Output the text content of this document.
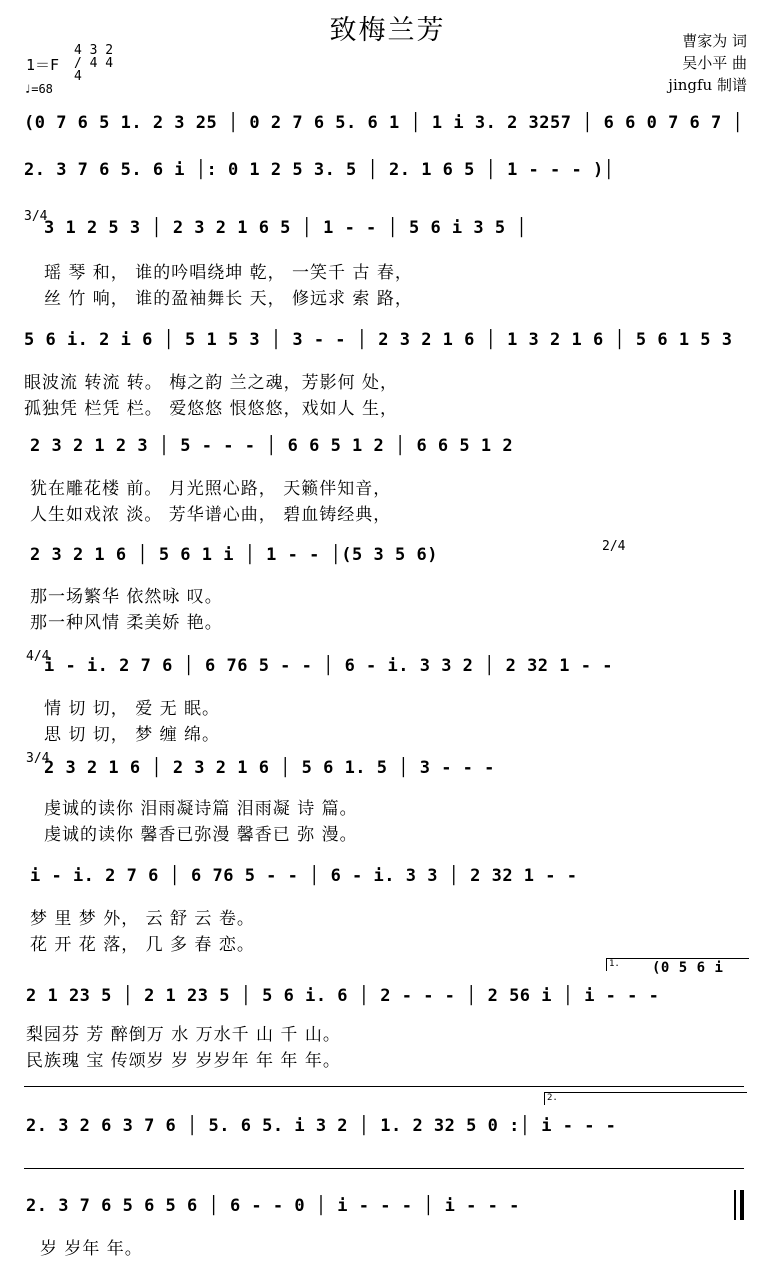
致梅兰芳	曹家为 词
吴小平 曲
jingfu 制谱
1＝F
4 3 2 / 4 4 4
♩=68
(0 7 6 5 1. 2 3 25 │ 0 2 7 6 5. 6 1 │ 1 i 3. 2 3257 │ 6 6 0 7 6 7 │
2. 3 7 6 5. 6 i │: 0 1 2 5 3. 5 │ 2. 1 6 5 │ 1 - - - )│
3/4
3 1 2 5 3 │ 2 3 2 1 6 5 │ 1 - - │ 5 6 i 3 5 │
瑶 琴 和， 谁的吟唱绕坤 乾， 一笑千 古 春，
丝 竹 响， 谁的盈袖舞长 天， 修远求 索 路，
5 6 i. 2 i 6 │ 5 1 5 3 │ 3 - - │ 2 3 2 1 6 │ 1 3 2 1 6 │ 5 6 1 5 3
眼波流 转流 转。 梅之韵 兰之魂，芳影何 处，
孤独凭 栏凭 栏。 爱悠悠 恨悠悠，戏如人 生，
2 3 2 1 2 3 │ 5 - - - │ 6 6 5 1 2 │ 6 6 5 1 2
犹在雕花楼 前。 月光照心路， 天籁伴知音，
人生如戏浓 淡。 芳华谱心曲， 碧血铸经典，
2 3 2 1 6 │ 5 6 1 i │ 1 - - │(5 3 5 6)	2/4
那一场繁华 依然咏 叹。
那一种风情 柔美娇 艳。
4/4
i - i. 2 7 6 │ 6 76 5 - - │ 6 - i. 3 3 2 │ 2 32 1 - -
情 切 切， 爱 无 眠。
思 切 切， 梦 缠 绵。
3/4
2 3 2 1 6 │ 2 3 2 1 6 │ 5 6 1. 5 │ 3 - - -
虔诚的读你 泪雨凝诗篇 泪雨凝 诗 篇。
虔诚的读你 馨香已弥漫 馨香已 弥 漫。
i - i. 2 7 6 │ 6 76 5 - - │ 6 - i. 3 3 │ 2 32 1 - -
梦 里 梦 外， 云 舒 云 卷。
花 开 花 落， 几 多 春 恋。
1.	(0 5 6 i
2 1 23 5 │ 2 1 23 5 │ 5 6 i. 6 │ 2 - - - │ 2 56 i │ i - - -
梨园芬 芳 醉倒万 水 万水千 山 千 山。
民族瑰 宝 传颂岁 岁 岁岁年 年 年 年。
2.
2. 3 2 6 3 7 6 │ 5. 6 5. i 3 2 │ 1. 2 32 5 0 :│ i - - -
2. 3 7 6 5 6 5 6 │ 6 - - 0 │ i - - - │ i - - -
岁 岁年 年。
